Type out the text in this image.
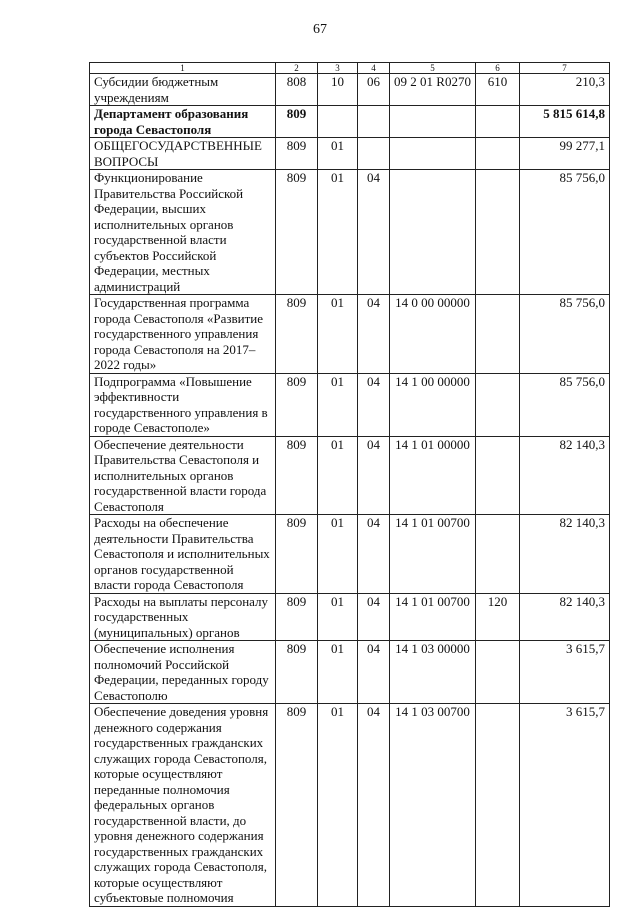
67
1	2	3	4	5	6	7
Субсидии бюджетным учреждениям	808	10	06	09 2 01 R0270	610	210,3
Департамент образования города Севастополя	809					5 815 614,8
ОБЩЕГОСУДАРСТВЕННЫЕ ВОПРОСЫ	809	01				99 277,1
Функционирование Правительства Российской Федерации, высших исполнительных органов государственной власти субъектов Российской Федерации, местных администраций	809	01	04			85 756,0
Государственная программа города Севастополя «Развитие государственного управления города Севастополя на 2017–2022 годы»	809	01	04	14 0 00 00000		85 756,0
Подпрограмма «Повышение эффективности государственного управления в городе Севастополе»	809	01	04	14 1 00 00000		85 756,0
Обеспечение деятельности Правительства Севастополя и исполнительных органов государственной власти города Севастополя	809	01	04	14 1 01 00000		82 140,3
Расходы на обеспечение деятельности Правительства Севастополя и исполнительных органов государственной власти города Севастополя	809	01	04	14 1 01 00700		82 140,3
Расходы на выплаты персоналу государственных (муниципальных) органов	809	01	04	14 1 01 00700	120	82 140,3
Обеспечение исполнения полномочий Российской Федерации, переданных городу Севастополю	809	01	04	14 1 03 00000		3 615,7
Обеспечение доведения уровня денежного содержания государственных гражданских служащих города Севастополя, которые осуществляют переданные полномочия федеральных органов государственной власти, до уровня денежного содержания государственных гражданских служащих города Севастополя, которые осуществляют субъектовые полномочия	809	01	04	14 1 03 00700		3 615,7
